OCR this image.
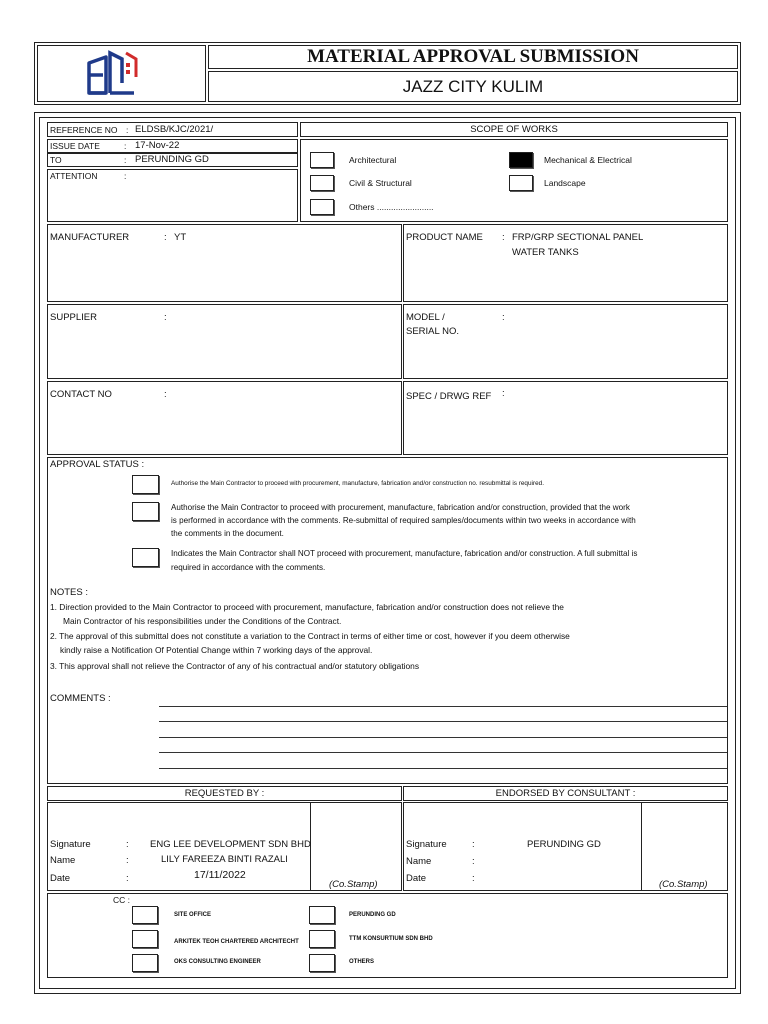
MATERIAL APPROVAL SUBMISSION
JAZZ CITY KULIM
REFERENCE NO : ELDSB/KJC/2021/
ISSUE DATE	: 17-Nov-22
TO	: PERUNDING GD
ATTENTION	:
SCOPE OF WORKS
Architectural	Mechanical & Electrical
Civil & Structural	Landscape
Others ........................
MANUFACTURER	: YT	PRODUCT NAME : FRP/GRP SECTIONAL PANEL
WATER TANKS
SUPPLIER	:	MODEL /
SERIAL NO.
:
CONTACT NO	:	SPEC / DRWG REF :
APPROVAL STATUS :
Authorise the Main Contractor to proceed with procurement, manufacture, fabrication and/or construction no. resubmittal is required.
Authorise the Main Contractor to proceed with procurement, manufacture, fabrication and/or construction, provided that the work
is performed in accordance with the comments. Re-submittal of required samples/documents within two weeks in accordance with
the comments in the document.
Indicates the Main Contractor shall NOT proceed with procurement, manufacture, fabrication and/or construction. A full submittal is
required in accordance with the comments.
NOTES :
1. Direction provided to the Main Contractor to proceed with procurement, manufacture, fabrication and/or construction does not relieve the
Main Contractor of his responsibilities under the Conditions of the Contract.
2. The approval of this submittal does not constitute a variation to the Contract in terms of either time or cost, however if you deem otherwise
kindly raise a Notification Of Potential Change within 7 working days of the approval.
3. This approval shall not relieve the Contractor of any of his contractual and/or statutory obligations
COMMENTS :
REQUESTED BY :	ENDORSED BY CONSULTANT :
Signature	: ENG LEE DEVELOPMENT SDN BHD
Name	:	LILY FAREEZA BINTI RAZALI
Date	:	17/11/2022
(Co.Stamp)
Signature	:	PERUNDING GD
Name	:
Date	:
(Co.Stamp)
CC :
SITE OFFICE	PERUNDING GD
ARKITEK TEOH CHARTERED ARCHITECHT	TTM KONSURTIUM SDN BHD
OKS CONSULTING ENGINEER	OTHERS
